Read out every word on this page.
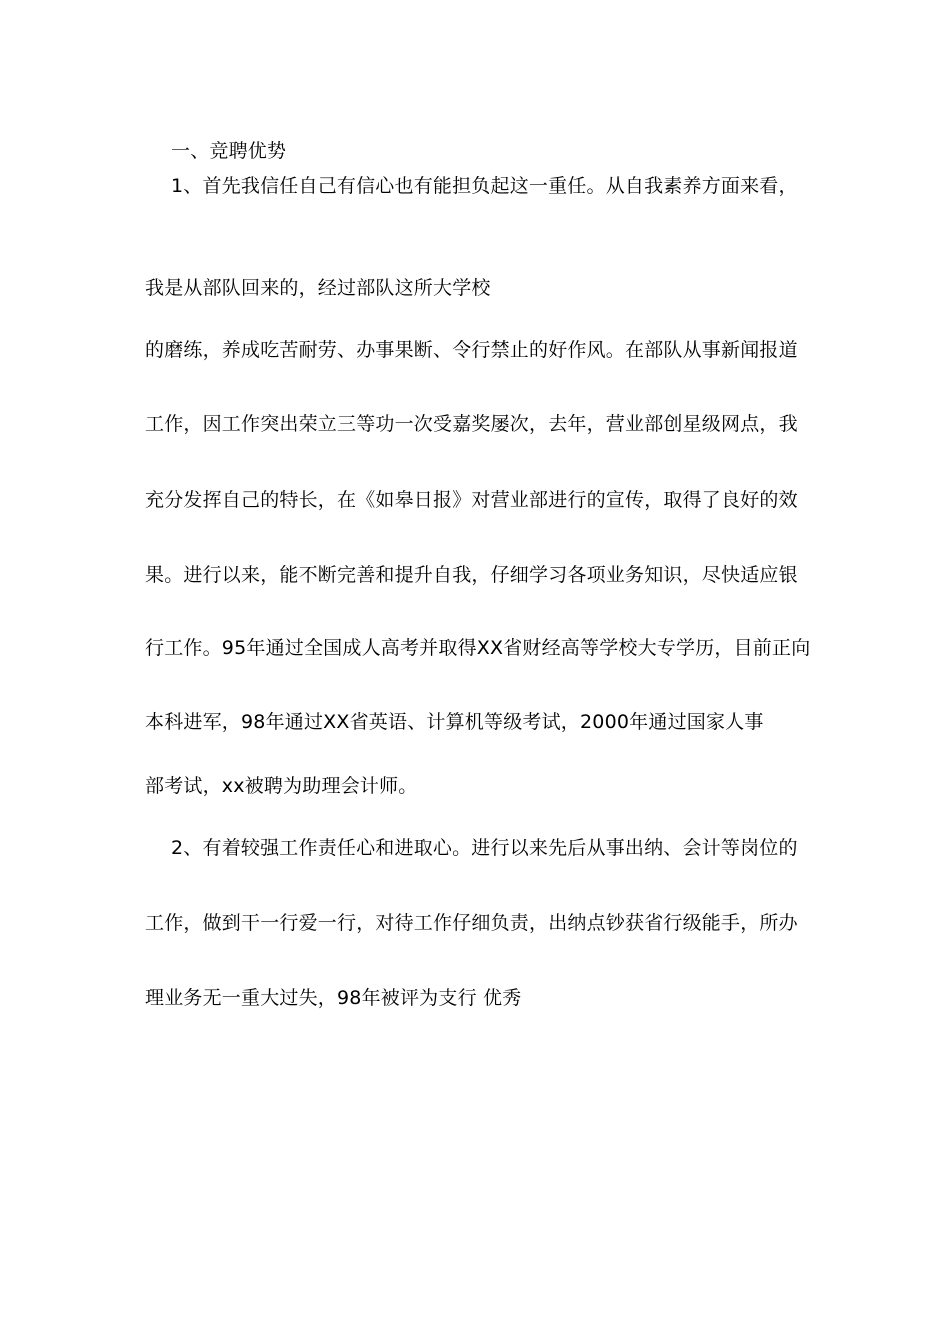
一、竞聘优势
1、首先我信任自己有信心也有能担负起这一重任。从自我素养方面来看，
我是从部队回来的，经过部队这所大学校
的磨练，养成吃苦耐劳、办事果断、令行禁止的好作风。在部队从事新闻报道
工作，因工作突出荣立三等功一次受嘉奖屡次，去年，营业部创星级网点，我
充分发挥自己的特长，在《如皋日报》对营业部进行的宣传，取得了良好的效
果。进行以来，能不断完善和提升自我，仔细学习各项业务知识，尽快适应银
行工作。95年通过全国成人高考并取得XX省财经高等学校大专学历，目前正向
本科进军，98年通过XX省英语、计算机等级考试，2000年通过国家人事
部考试，xx被聘为助理会计师。
2、有着较强工作责任心和进取心。进行以来先后从事出纳、会计等岗位的
工作，做到干一行爱一行，对待工作仔细负责，出纳点钞获省行级能手，所办
理业务无一重大过失，98年被评为支行 优秀
